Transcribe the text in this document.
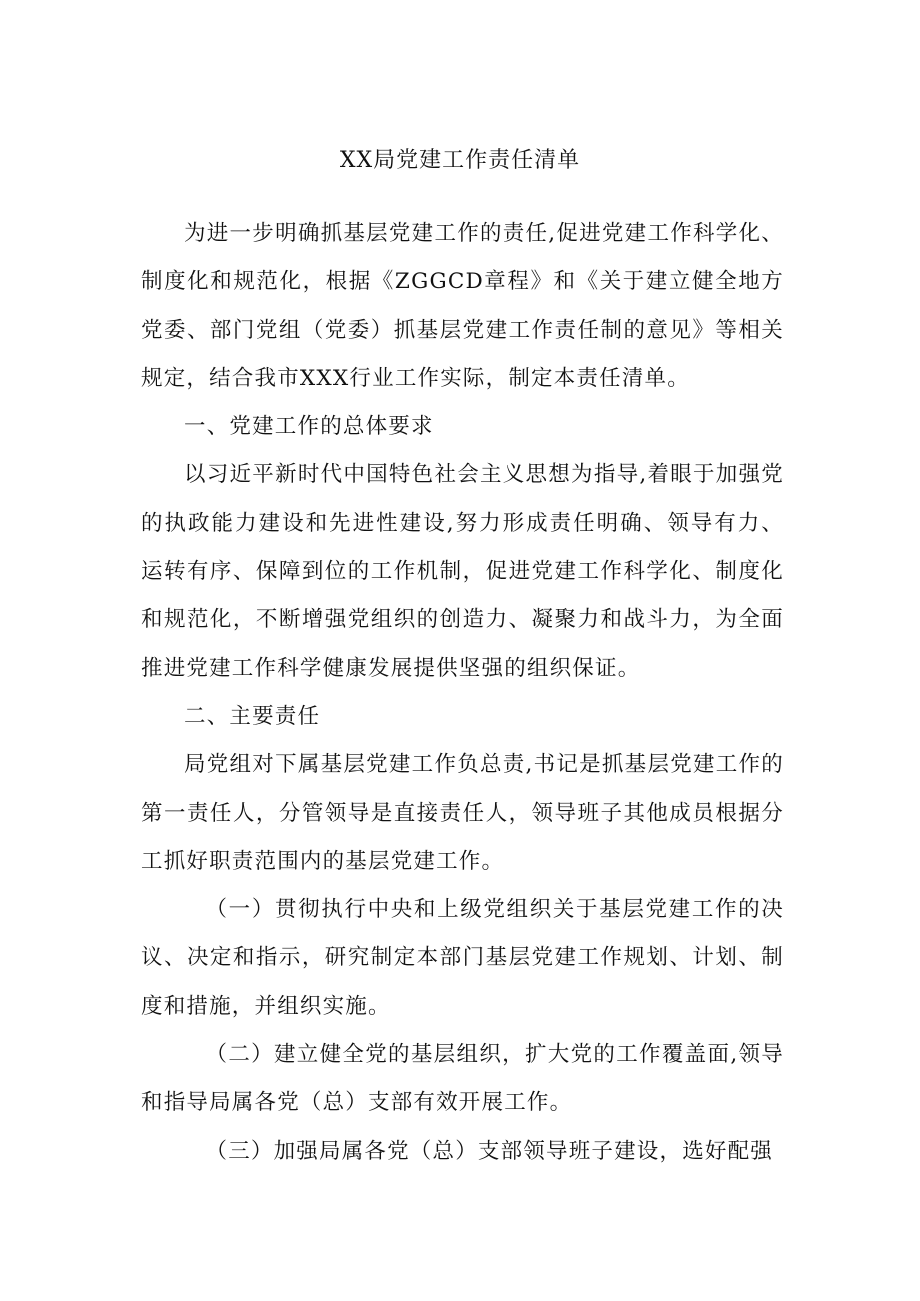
XX局党建工作责任清单

为进一步明确抓基层党建工作的责任,促进党建工作科学化、制度化和规范化，根据《ZGGCD章程》和《关于建立健全地方党委、部门党组（党委）抓基层党建工作责任制的意见》等相关规定，结合我市XXX行业工作实际，制定本责任清单。

一、党建工作的总体要求

以习近平新时代中国特色社会主义思想为指导,着眼于加强党的执政能力建设和先进性建设,努力形成责任明确、领导有力、运转有序、保障到位的工作机制，促进党建工作科学化、制度化和规范化，不断增强党组织的创造力、凝聚力和战斗力，为全面推进党建工作科学健康发展提供坚强的组织保证。

二、主要责任

局党组对下属基层党建工作负总责,书记是抓基层党建工作的第一责任人，分管领导是直接责任人，领导班子其他成员根据分工抓好职责范围内的基层党建工作。

（一）贯彻执行中央和上级党组织关于基层党建工作的决议、决定和指示，研究制定本部门基层党建工作规划、计划、制度和措施，并组织实施。

（二）建立健全党的基层组织，扩大党的工作覆盖面,领导和指导局属各党（总）支部有效开展工作。

（三）加强局属各党（总）支部领导班子建设，选好配强
